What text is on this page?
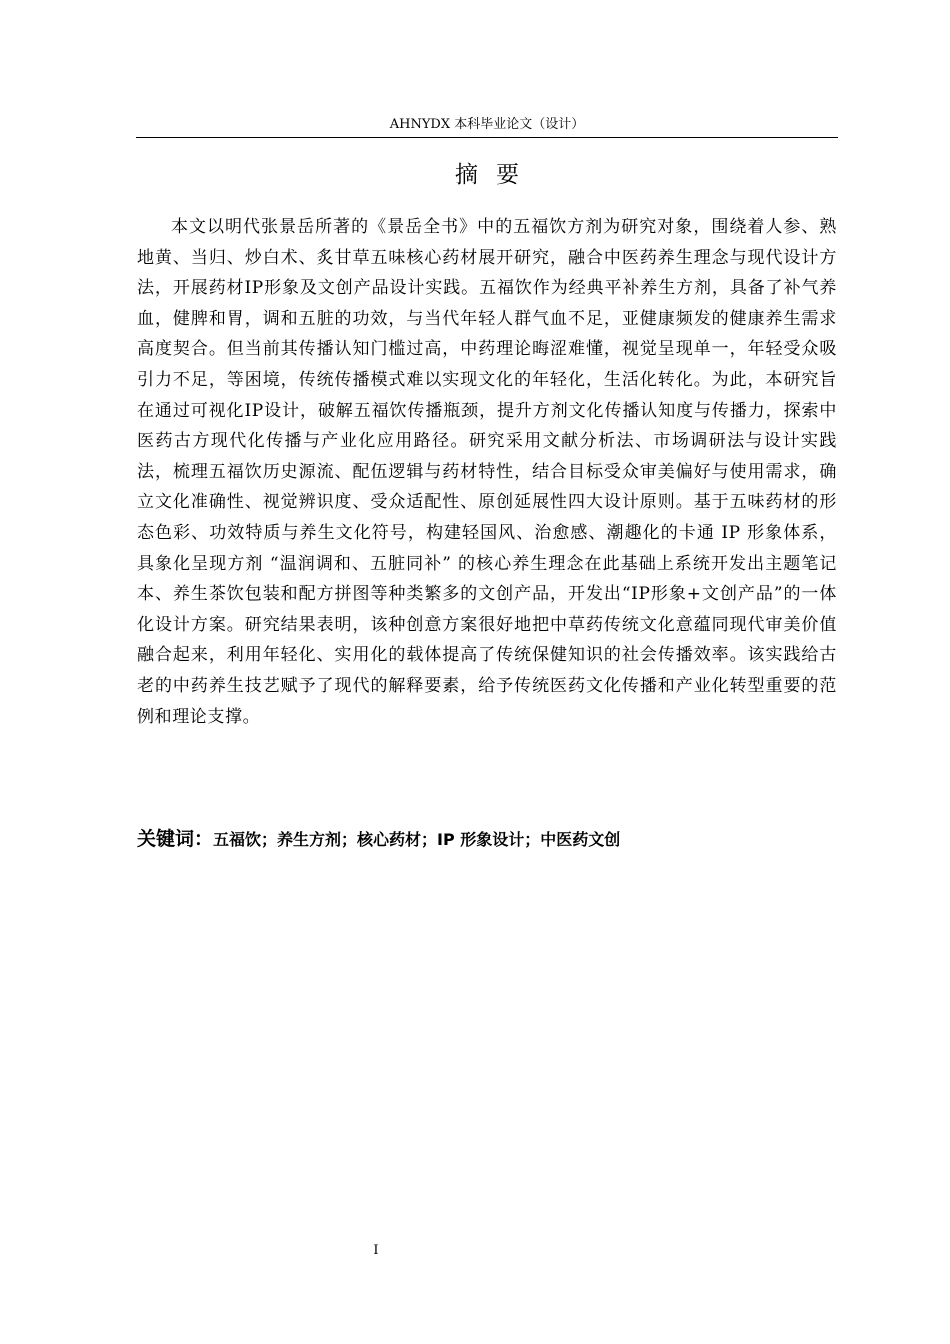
AHNYDX 本科毕业论文（设计）
摘要

本文以明代张景岳所著的《景岳全书》中的五福饮方剂为研究对象，围绕着人参、熟地黄、当归、炒白术、炙甘草五味核心药材展开研究，融合中医药养生理念与现代设计方法，开展药材IP形象及文创产品设计实践。五福饮作为经典平补养生方剂，具备了补气养血，健脾和胃，调和五脏的功效，与当代年轻人群气血不足，亚健康频发的健康养生需求高度契合。但当前其传播认知门槛过高，中药理论晦涩难懂，视觉呈现单一，年轻受众吸引力不足，等困境，传统传播模式难以实现文化的年轻化，生活化转化。为此，本研究旨在通过可视化IP设计，破解五福饮传播瓶颈，提升方剂文化传播认知度与传播力，探索中医药古方现代化传播与产业化应用路径。研究采用文献分析法、市场调研法与设计实践法，梳理五福饮历史源流、配伍逻辑与药材特性，结合目标受众审美偏好与使用需求，确立文化准确性、视觉辨识度、受众适配性、原创延展性四大设计原则。基于五味药材的形态色彩、功效特质与养生文化符号，构建轻国风、治愈感、潮趣化的卡通 IP 形象体系，具象化呈现方剂 “温润调和、五脏同补” 的核心养生理念在此基础上系统开发出主题笔记本、养生茶饮包装和配方拼图等种类繁多的文创产品，开发出“IP形象+文创产品”的一体化设计方案。研究结果表明，该种创意方案很好地把中草药传统文化意蕴同现代审美价值融合起来，利用年轻化、实用化的载体提高了传统保健知识的社会传播效率。该实践给古老的中药养生技艺赋予了现代的解释要素，给予传统医药文化传播和产业化转型重要的范例和理论支撑。

关键词：五福饮；养生方剂；核心药材；IP 形象设计；中医药文创
I
